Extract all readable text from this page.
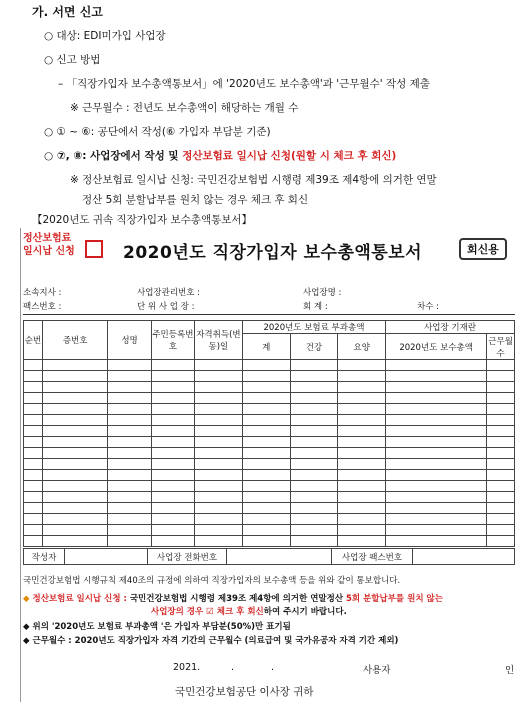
가. 서면 신고
○ 대상: EDI미가입 사업장
○ 신고 방법
– 「직장가입자 보수총액통보서」에 '2020년도 보수총액'과 '근무월수' 작성 제출
※ 근무월수 : 전년도 보수총액이 해당하는 개월 수
○ ① ~ ⑥: 공단에서 작성(⑥ 가입자 부담분 기준)
○ ⑦, ⑧: 사업장에서 작성 및 정산보험료 일시납 신청(원할 시 체크 후 회신)
※ 정산보험료 일시납 신청: 국민건강보험법 시행령 제39조 제4항에 의거한 연말
정산 5회 분할납부를 원치 않는 경우 체크 후 회신
【2020년도 귀속 직장가입자 보수총액통보서】
정산보험료
일시납 신청	2020년도 직장가입자 보수총액통보서	회신용
소속지사 :
팩스번호 :
사업장관리번호 :
단 위 사 업 장 :
사업장명 :
회 계 :	차수 :
순번	증번호	성명	주민등록번호	자격취득(변동)일	2020년도 보험료 부과총액			사업장 기재란	
					계	건강	요양	2020년도 보수총액	근무월수

작성자		사업장 전화번호		사업장 팩스번호	
국민건강보험법 시행규칙 제40조의 규정에 의하여 직장가입자의 보수총액 등을 위와 같이 통보합니다.
◆ 정산보험료 일시납 신청 : 국민건강보험법 시행령 제39조 제4항에 의거한 연말정산 5회 분할납부를 원치 않는
사업장의 경우 ☑ 체크 후 회신하여 주시기 바랍니다.
◆ 위의 '2020년도 보험료 부과총액 '은 가입자 부담분(50%)만 표기됨
◆ 근무월수 : 2020년도 직장가입자 자격 기간의 근무월수 (의료급여 및 국가유공자 자격 기간 제외)
2021.	.	.	사용자	인
국민건강보험공단 이사장 귀하
